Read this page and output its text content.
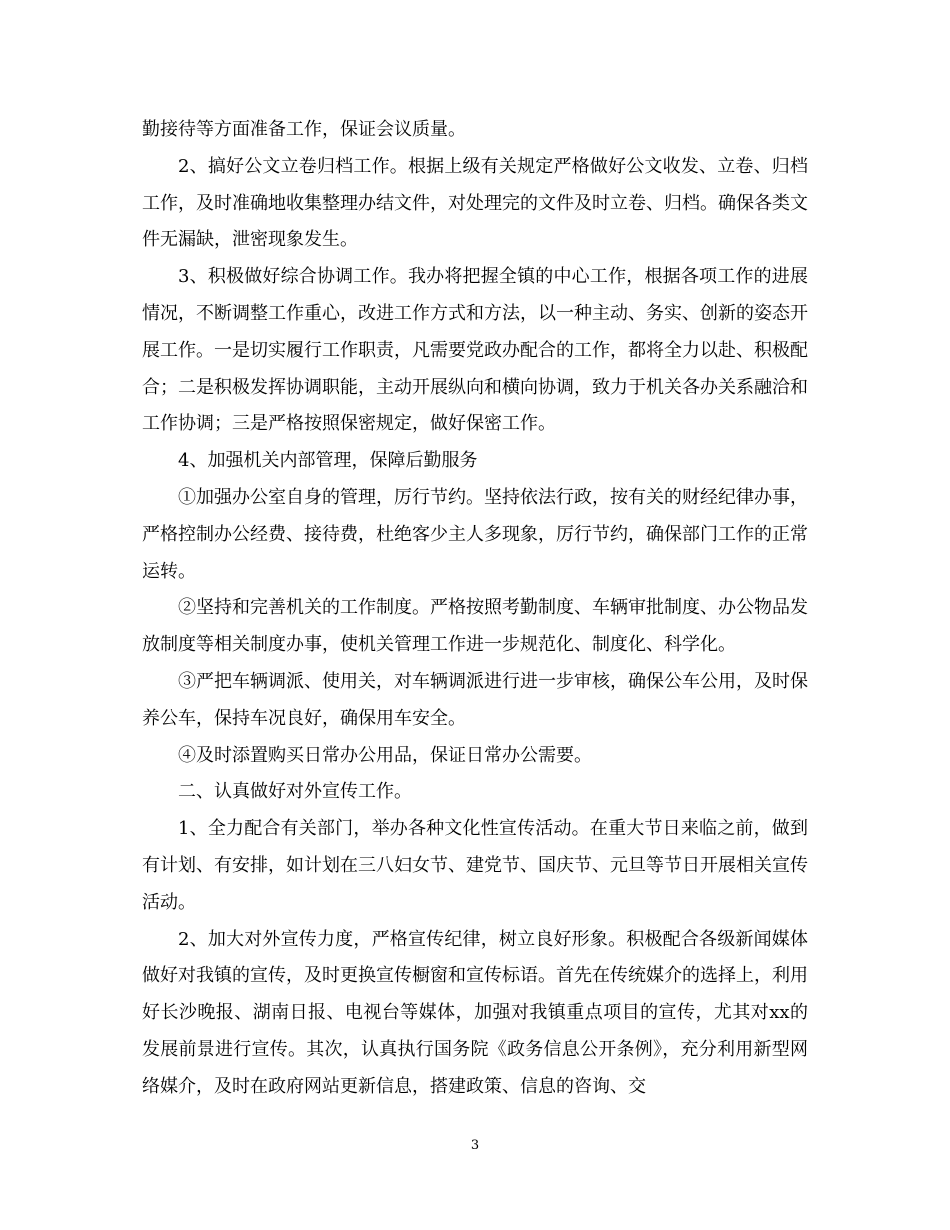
勤接待等方面准备工作，保证会议质量。

2、搞好公文立卷归档工作。根据上级有关规定严格做好公文收发、立卷、归档工作，及时准确地收集整理办结文件，对处理完的文件及时立卷、归档。确保各类文件无漏缺，泄密现象发生。

3、积极做好综合协调工作。我办将把握全镇的中心工作，根据各项工作的进展情况，不断调整工作重心，改进工作方式和方法，以一种主动、务实、创新的姿态开展工作。一是切实履行工作职责，凡需要党政办配合的工作，都将全力以赴、积极配合；二是积极发挥协调职能，主动开展纵向和横向协调，致力于机关各办关系融洽和工作协调；三是严格按照保密规定，做好保密工作。

4、加强机关内部管理，保障后勤服务

①加强办公室自身的管理，厉行节约。坚持依法行政，按有关的财经纪律办事，严格控制办公经费、接待费，杜绝客少主人多现象，厉行节约，确保部门工作的正常运转。

②坚持和完善机关的工作制度。严格按照考勤制度、车辆审批制度、办公物品发放制度等相关制度办事，使机关管理工作进一步规范化、制度化、科学化。

③严把车辆调派、使用关，对车辆调派进行进一步审核，确保公车公用，及时保养公车，保持车况良好，确保用车安全。

④及时添置购买日常办公用品，保证日常办公需要。

二、认真做好对外宣传工作。

1、全力配合有关部门，举办各种文化性宣传活动。在重大节日来临之前，做到有计划、有安排，如计划在三八妇女节、建党节、国庆节、元旦等节日开展相关宣传活动。

2、加大对外宣传力度，严格宣传纪律，树立良好形象。积极配合各级新闻媒体做好对我镇的宣传，及时更换宣传橱窗和宣传标语。首先在传统媒介的选择上，利用好长沙晚报、湖南日报、电视台等媒体，加强对我镇重点项目的宣传，尤其对xx的发展前景进行宣传。其次，认真执行国务院《政务信息公开条例》，充分利用新型网络媒介，及时在政府网站更新信息，搭建政策、信息的咨询、交

3
